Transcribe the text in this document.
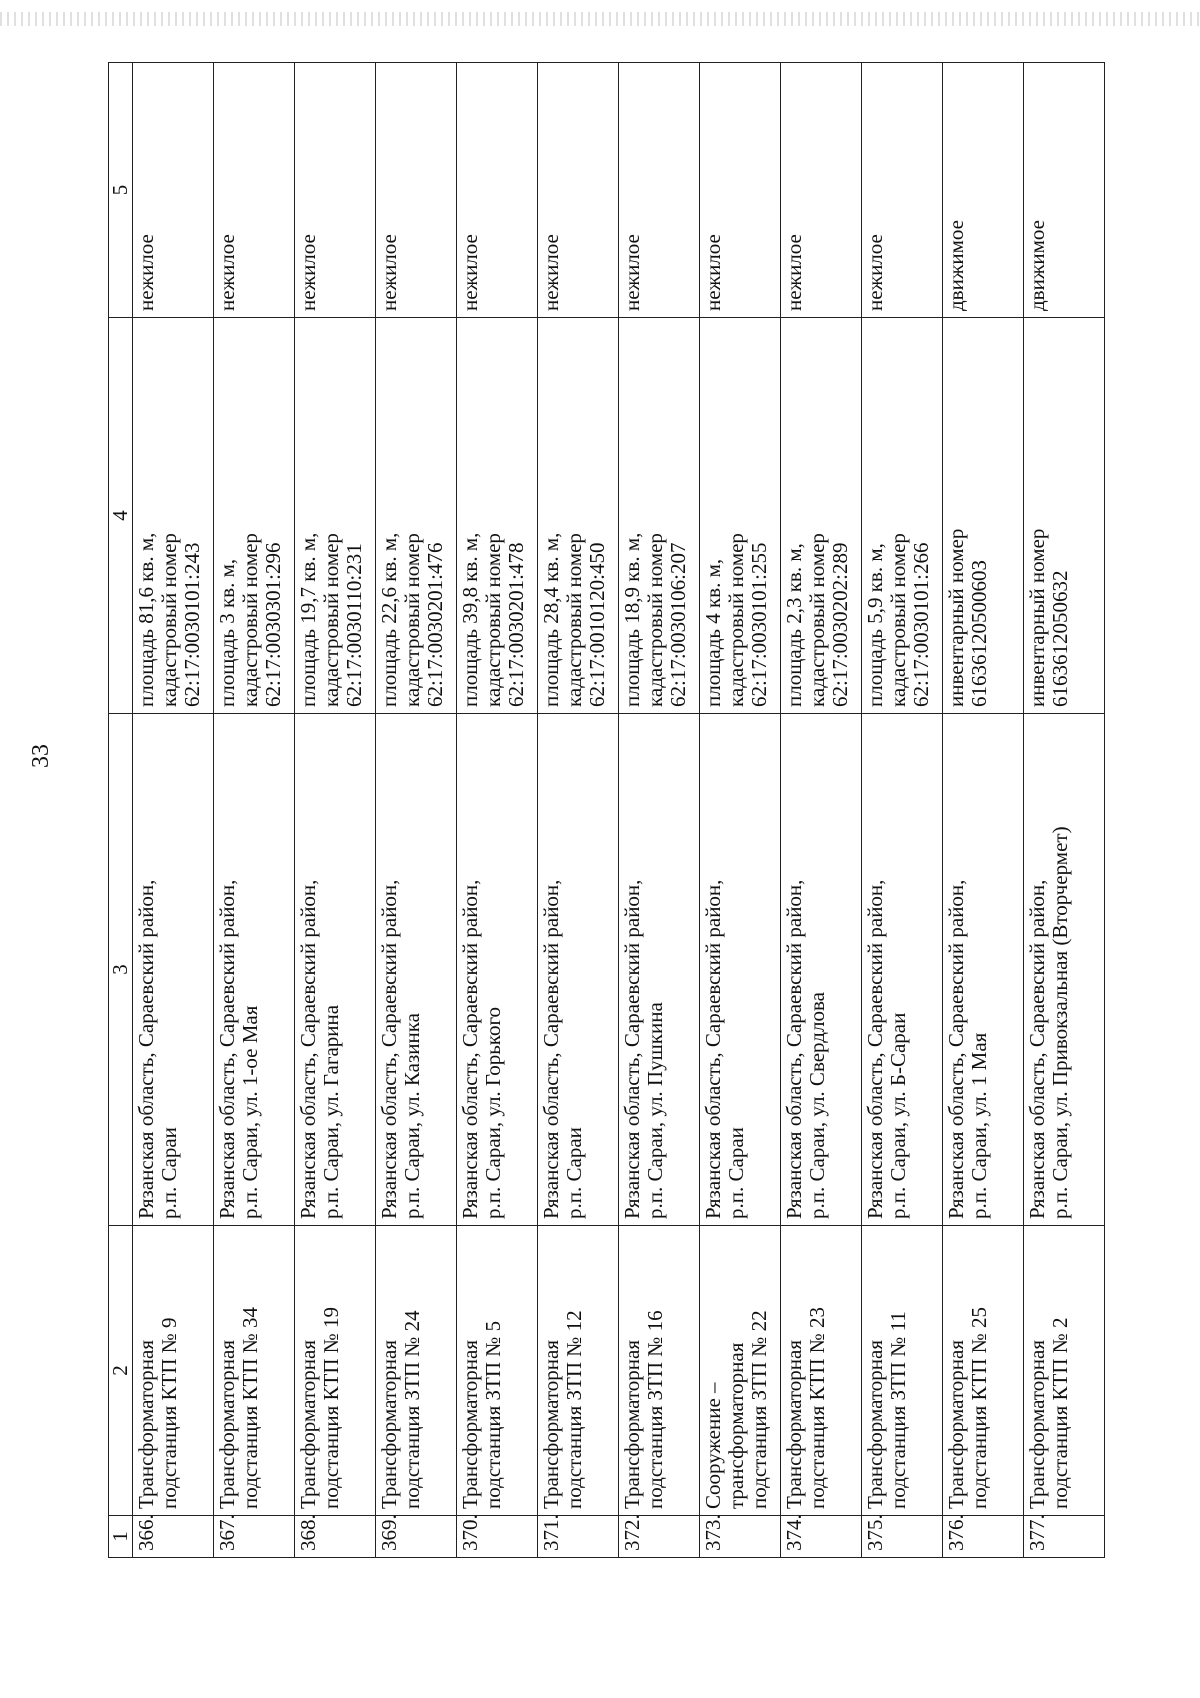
33
1	2	3	4	5
366.	Трансформаторная подстанция КТП № 9	Рязанская область, Сараевский район, р.п. Сараи	площадь 81,6 кв. м, кадастровый номер 62:17:0030101:243	нежилое
367.	Трансформаторная подстанция КТП № 34	Рязанская область, Сараевский район, р.п. Сараи, ул. 1-ое Мая	площадь 3 кв. м, кадастровый номер 62:17:0030301:296	нежилое
368.	Трансформаторная подстанция КТП № 19	Рязанская область, Сараевский район, р.п. Сараи, ул. Гагарина	площадь 19,7 кв. м, кадастровый номер 62:17:0030110:231	нежилое
369.	Трансформаторная подстанция ЗТП № 24	Рязанская область, Сараевский район, р.п. Сараи, ул. Казинка	площадь 22,6 кв. м, кадастровый номер 62:17:0030201:476	нежилое
370.	Трансформаторная подстанция ЗТП № 5	Рязанская область, Сараевский район, р.п. Сараи, ул. Горького	площадь 39,8 кв. м, кадастровый номер 62:17:0030201:478	нежилое
371.	Трансформаторная подстанция ЗТП № 12	Рязанская область, Сараевский район, р.п. Сараи	площадь 28,4 кв. м, кадастровый номер 62:17:0010120:450	нежилое
372.	Трансформаторная подстанция ЗТП № 16	Рязанская область, Сараевский район, р.п. Сараи, ул. Пушкина	площадь 18,9 кв. м, кадастровый номер 62:17:0030106:207	нежилое
373.	Сооружение – трансформаторная подстанция ЗТП № 22	Рязанская область, Сараевский район, р.п. Сараи	площадь 4 кв. м, кадастровый номер 62:17:0030101:255	нежилое
374.	Трансформаторная подстанция КТП № 23	Рязанская область, Сараевский район, р.п. Сараи, ул. Свердлова	площадь 2,3 кв. м, кадастровый номер 62:17:0030202:289	нежилое
375.	Трансформаторная подстанция ЗТП № 11	Рязанская область, Сараевский район, р.п. Сараи, ул. Б-Сараи	площадь 5,9 кв. м, кадастровый номер 62:17:0030101:266	нежилое
376.	Трансформаторная подстанция КТП № 25	Рязанская область, Сараевский район, р.п. Сараи, ул. 1 Мая	инвентарный номер 6163612050060З	движимое
377.	Трансформаторная подстанция КТП № 2	Рязанская область, Сараевский район, р.п. Сараи, ул. Привокзальная (Вторчермет)	инвентарный номер 6163612050632	движимое
